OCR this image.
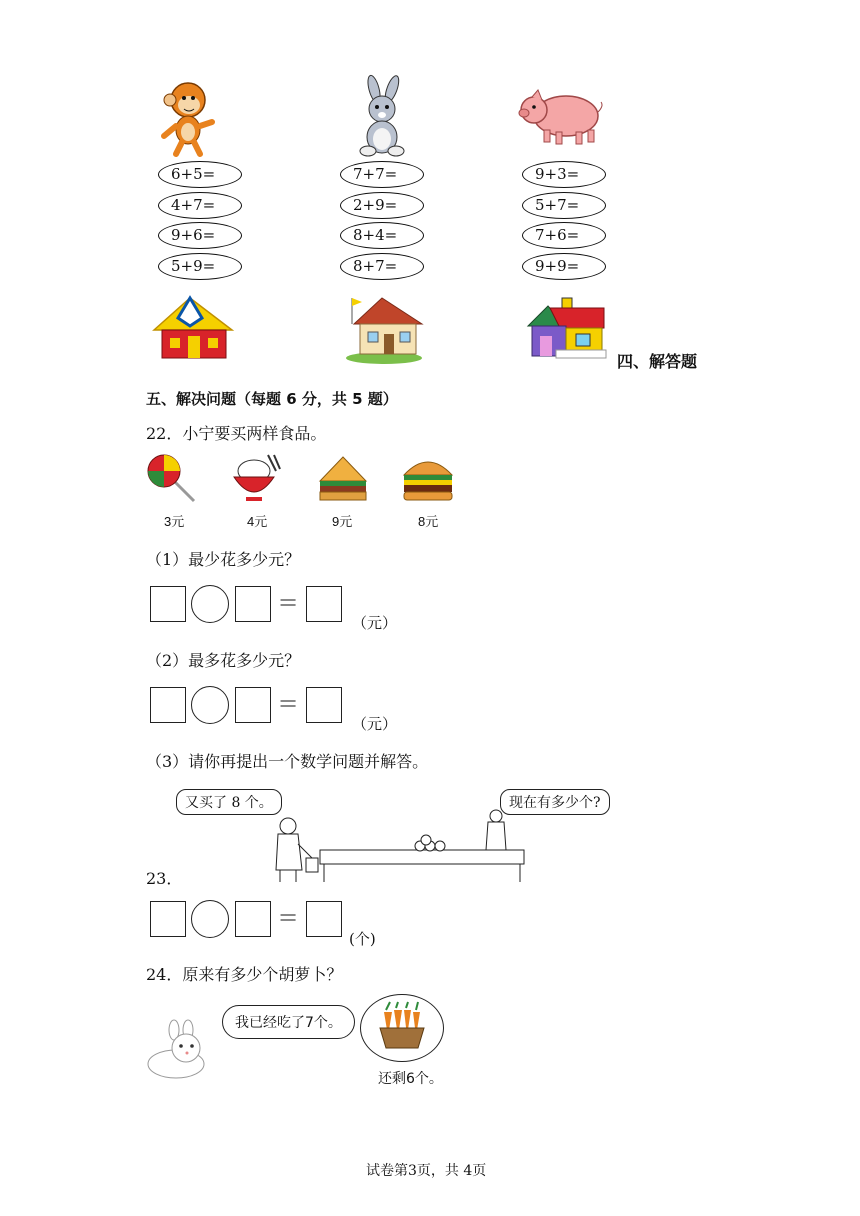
6+5=
4+7=
9+6=
5+9=
7+7=
2+9=
8+4=
8+7=
9+3=
5+7=
7+6=
9+9=
四、解答题
五、解决问题（每题 6 分，共 5 题）
22．小宁要买两样食品。
3元	4元	9元	8元
（1）最少花多少元？
=
（元）
（2）最多花多少元？
=
（元）
（3）请你再提出一个数学问题并解答。
又买了 8 个。	现在有多少个?
23．
=
(个)
24．原来有多少个胡萝卜？
我已经吃了7个。
还剩6个。
试卷第3页，共 4页
